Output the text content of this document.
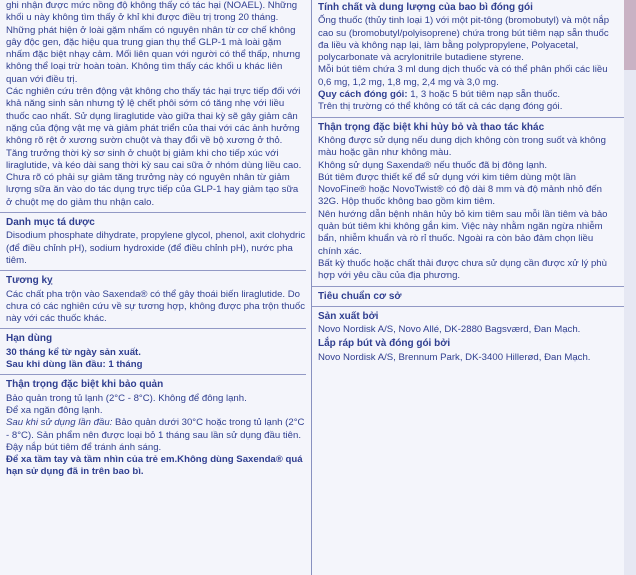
ghi nhận được mức nồng độ không thấy có tác hại (NOAEL). Những khối u này không tìm thấy ở khỉ khi được điều trị trong 20 tháng. Những phát hiện ở loài gặm nhấm có nguyên nhân từ cơ chế không gây độc gen, đặc hiệu qua trung gian thụ thể GLP-1 mà loài gặm nhấm đặc biệt nhạy cảm. Mối liên quan với người có thể thấp, nhưng không thể loại trừ hoàn toàn. Không tìm thấy các khối u khác liên quan với điều trị.

Các nghiên cứu trên động vật không cho thấy tác hại trực tiếp đối với khả năng sinh sản nhưng tỷ lệ chết phôi sớm có tăng nhẹ với liều thuốc cao nhất. Sử dụng liraglutide vào giữa thai kỳ sẽ gây giảm cân nặng của động vật mẹ và giảm phát triển của thai với các ảnh hưởng không rõ rệt ở xương sườn chuột và thay đổi về bộ xương ở thỏ. Tăng trưởng thời kỳ sơ sinh ở chuột bị giảm khi cho tiếp xúc với liraglutide, và kéo dài sang thời kỳ sau cai sữa ở nhóm dùng liều cao. Chưa rõ có phải sự giảm tăng trưởng này có nguyên nhân từ giảm lượng sữa ăn vào do tác dụng trực tiếp của GLP-1 hay giảm tạo sữa ở chuột mẹ do giảm thu nhận calo.

Danh mục tá dược

Disodium phosphate dihydrate, propylene glycol, phenol, axit clohydric (để điều chỉnh pH), sodium hydroxide (để điều chỉnh pH), nước pha tiêm.

Tương kỵ

Các chất pha trộn vào Saxenda® có thể gây thoái biến liraglutide. Do chưa có các nghiên cứu về sự tương hợp, không được pha trộn thuốc này với các thuốc khác.

Hạn dùng

30 tháng kể từ ngày sản xuất.

Sau khi dùng lần đầu: 1 tháng

Thận trọng đặc biệt khi bảo quản

Bảo quản trong tủ lạnh (2°C - 8°C). Không để đông lạnh.

Để xa ngăn đông lạnh.

Sau khi sử dụng lần đầu: Bảo quản dưới 30°C hoặc trong tủ lạnh (2°C - 8°C). Sản phẩm nên được loại bỏ 1 tháng sau lần sử dụng đầu tiên.

Đậy nắp bút tiêm để tránh ánh sáng.

Để xa tầm tay và tầm nhìn của trẻ em.Không dùng Saxenda® quá hạn sử dụng đã in trên bao bì.

Tính chất và dung lượng của bao bì đóng gói

Ống thuốc (thủy tinh loại 1) với một pit-tông (bromobutyl) và một nắp cao su (bromobutyl/polyisoprene) chứa trong bút tiêm nạp sẵn thuốc đa liều và không nạp lại, làm bằng polypropylene, Polyacetal, polycarbonate và acrylonitrile butadiene styrene.

Mỗi bút tiêm chứa 3 ml dung dịch thuốc và có thể phân phối các liều 0,6 mg, 1,2 mg, 1,8 mg, 2,4 mg và 3,0 mg.

Quy cách đóng gói: 1, 3 hoặc 5 bút tiêm nạp sẵn thuốc.

Trên thị trường có thể không có tất cả các dạng đóng gói.

Thận trọng đặc biệt khi hủy bỏ và thao tác khác

Không được sử dụng nếu dung dịch không còn trong suốt và không màu hoặc gần như không màu.

Không sử dụng Saxenda® nếu thuốc đã bị đông lạnh.

Bút tiêm được thiết kế để sử dụng với kim tiêm dùng một lần NovoFine® hoặc NovoTwist® có độ dài 8 mm và độ mảnh nhỏ đến 32G. Hộp thuốc không bao gồm kim tiêm.

Nên hướng dẫn bệnh nhân hủy bỏ kim tiêm sau mỗi lần tiêm và bảo quản bút tiêm khi không gắn kim. Việc này nhằm ngăn ngừa nhiễm bẩn, nhiễm khuẩn và rò rỉ thuốc. Ngoài ra còn bảo đảm chọn liều chính xác.

Bất kỳ thuốc hoặc chất thải được chưa sử dụng cần được xử lý phù hợp với yêu cầu của địa phương.

Tiêu chuẩn cơ sở

Sản xuất bởi

Novo Nordisk A/S, Novo Allé, DK-2880 Bagsværd, Đan Mạch.

Lắp ráp bút và đóng gói bởi

Novo Nordisk A/S, Brennum Park, DK-3400 Hillerød, Đan Mạch.
